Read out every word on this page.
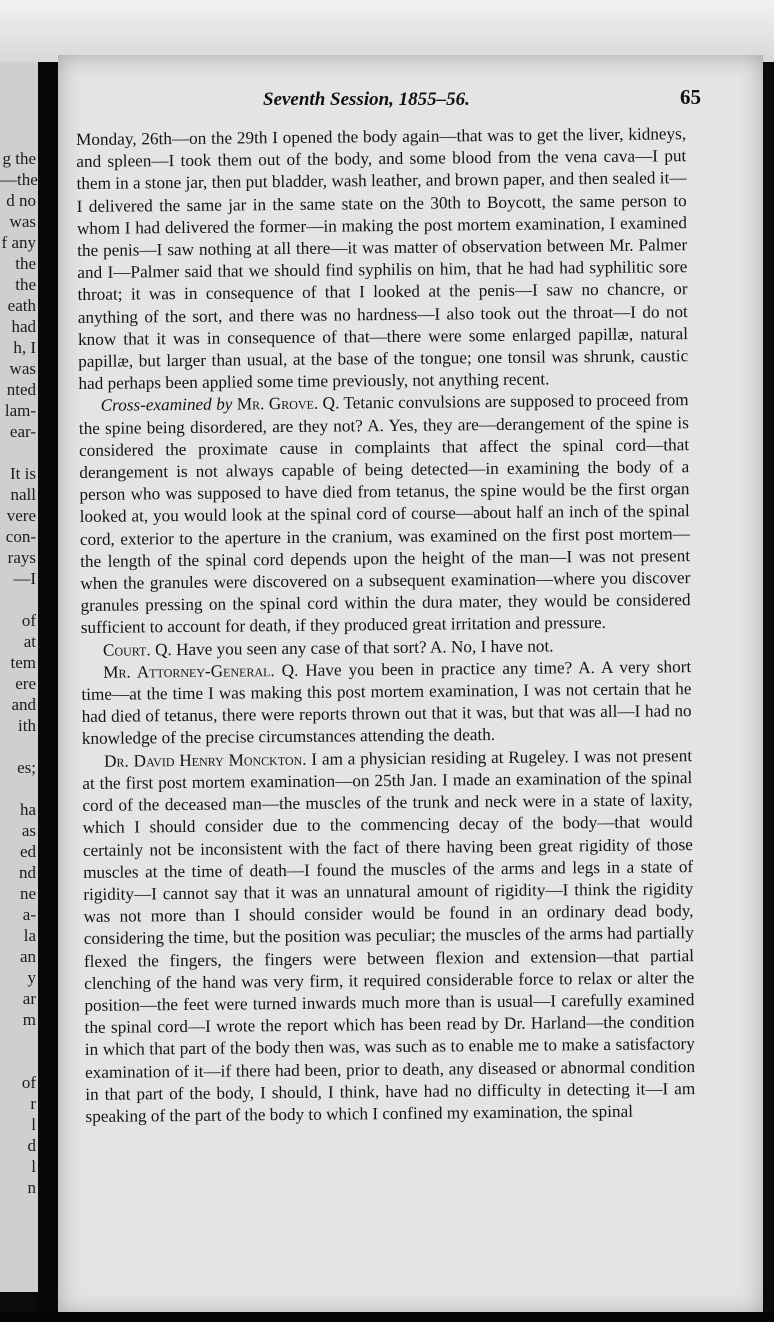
g the
—the
d no
was
f any
the
the
eath
had
h, I
was
nted
lam-
ear-

It is
nall
vere
con-
rays
—I

of
at
tem
ere
and
ith

es;

ha
as
ed
nd
ne
a-
la
an
y
ar
m

of
r
l
d
l
n
Seventh Session, 1855–56.	65

Monday, 26th—on the 29th I opened the body again—that was to get the liver, kidneys, and spleen—I took them out of the body, and some blood from the vena cava—I put them in a stone jar, then put bladder, wash leather, and brown paper, and then sealed it—I delivered the same jar in the same state on the 30th to Boycott, the same person to whom I had delivered the former—in making the post mortem examination, I examined the penis—I saw nothing at all there—it was matter of observation between Mr. Palmer and I—Palmer said that we should find syphilis on him, that he had had syphilitic sore throat; it was in consequence of that I looked at the penis—I saw no chancre, or anything of the sort, and there was no hardness—I also took out the throat—I do not know that it was in consequence of that—there were some enlarged papillæ, natural papillæ, but larger than usual, at the base of the tongue; one tonsil was shrunk, caustic had perhaps been applied some time previously, not anything recent.

Cross-examined by Mr. Grove. Q. Tetanic convulsions are supposed to proceed from the spine being disordered, are they not? A. Yes, they are—derangement of the spine is considered the proximate cause in complaints that affect the spinal cord—that derangement is not always capable of being detected—in examining the body of a person who was supposed to have died from tetanus, the spine would be the first organ looked at, you would look at the spinal cord of course—about half an inch of the spinal cord, exterior to the aperture in the cranium, was examined on the first post mortem—the length of the spinal cord depends upon the height of the man—I was not present when the granules were discovered on a subsequent examination—where you discover granules pressing on the spinal cord within the dura mater, they would be considered sufficient to account for death, if they produced great irritation and pressure.

Court. Q. Have you seen any case of that sort? A. No, I have not.

Mr. Attorney-General. Q. Have you been in practice any time? A. A very short time—at the time I was making this post mortem examination, I was not certain that he had died of tetanus, there were reports thrown out that it was, but that was all—I had no knowledge of the precise circumstances attending the death.

Dr. David Henry Monckton. I am a physician residing at Rugeley. I was not present at the first post mortem examination—on 25th Jan. I made an examination of the spinal cord of the deceased man—the muscles of the trunk and neck were in a state of laxity, which I should consider due to the commencing decay of the body—that would certainly not be inconsistent with the fact of there having been great rigidity of those muscles at the time of death—I found the muscles of the arms and legs in a state of rigidity—I cannot say that it was an unnatural amount of rigidity—I think the rigidity was not more than I should consider would be found in an ordinary dead body, considering the time, but the position was peculiar; the muscles of the arms had partially flexed the fingers, the fingers were between flexion and extension—that partial clenching of the hand was very firm, it required considerable force to relax or alter the position—the feet were turned inwards much more than is usual—I carefully examined the spinal cord—I wrote the report which has been read by Dr. Harland—the condition in which that part of the body then was, was such as to enable me to make a satisfactory examination of it—if there had been, prior to death, any diseased or abnormal condition in that part of the body, I should, I think, have had no difficulty in detecting it—I am speaking of the part of the body to which I confined my examination, the spinal
